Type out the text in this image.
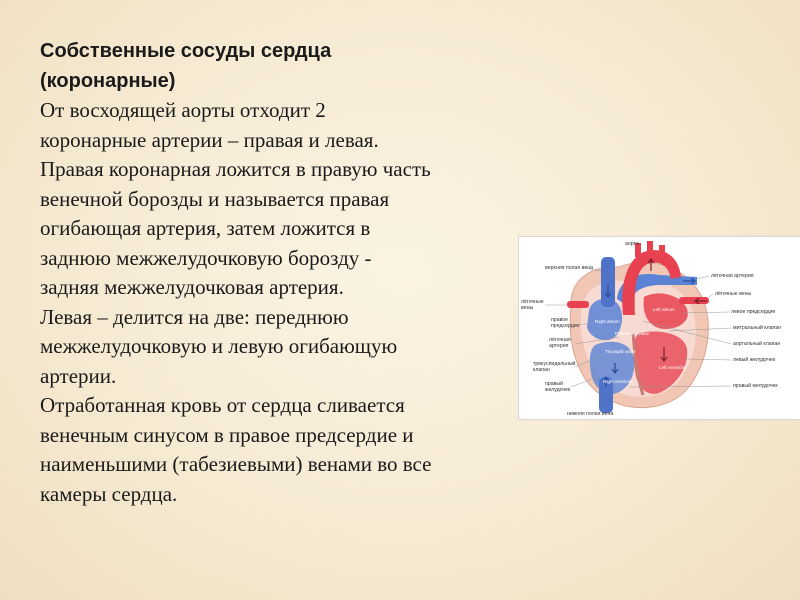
Собственные сосуды сердца

(коронарные)

От восходящей аорты отходит 2

коронарные артерии – правая и левая.

Правая коронарная ложится в правую часть

венечной борозды и называется правая

огибающая артерия, затем ложится в

заднюю межжелудочковую борозду -

задняя межжелудочковая артерия.

Левая – делится на две: переднюю

межжелудочковую и левую огибающую

артерии.

Отработанная кровь от сердца сливается

венечным синусом в правое предсердие и

наименьшими (табезиевыми) венами во все

камеры сердца.

Right atrium
Pulmonary valve
Left atrium
Left ventricle
Tricuspid valve
Right ventricle
аорта
верхняя полая вена
лёгочные
вены
правое
предсердие
лёгочная
артерия
трикуспидальный
клапан
правый
желудочек
нижняя полая вена
лёгочная артерия
лёгочные вены
левое предсердие
митральный клапан
аортальный клапан
левый желудочек
правый желудочек
